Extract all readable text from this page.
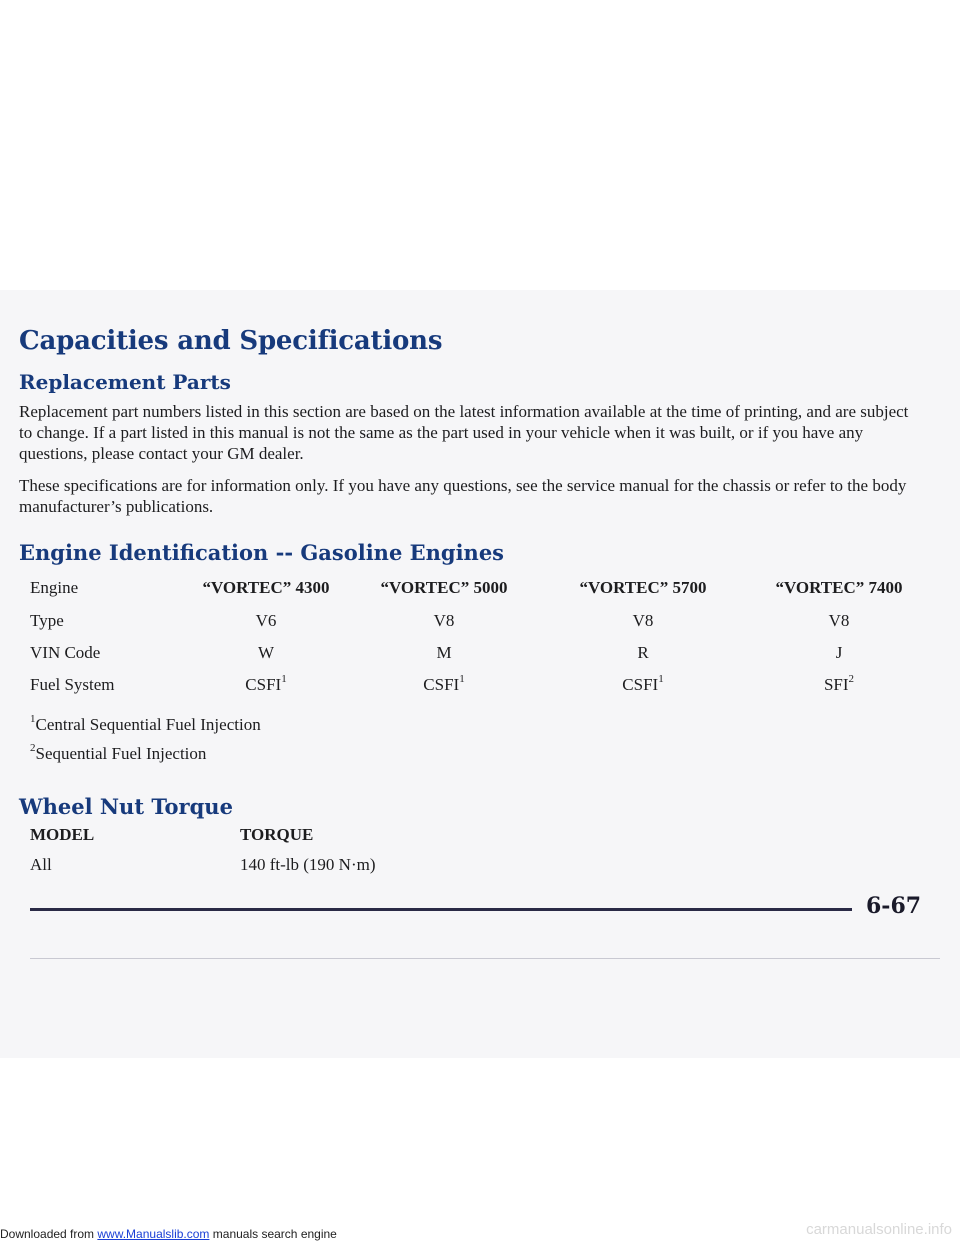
Capacities and Specifications
Replacement Parts

Replacement part numbers listed in this section are based on the latest information available at the time of printing, and are subject to change. If a part listed in this manual is not the same as the part used in your vehicle when it was built, or if you have any questions, please contact your GM dealer.

These specifications are for information only. If you have any questions, see the service manual for the chassis or refer to the body manufacturer’s publications.

Engine Identification -- Gasoline Engines
Engine	“VORTEC” 4300	“VORTEC” 5000	“VORTEC” 5700	“VORTEC” 7400
Type	V6	V8	V8	V8
VIN Code	W	M	R	J
Fuel System	CSFI$^1$	CSFI$^1$	CSFI$^1$	SFI$^2$

$^1$Central Sequential Fuel Injection

$^2$Sequential Fuel Injection

Wheel Nut Torque
MODEL	TORQUE
All	140 ft-lb (190 N·m)

6-67

Downloaded from www.Manualslib.com manuals search engine	carmanualsonline.info
